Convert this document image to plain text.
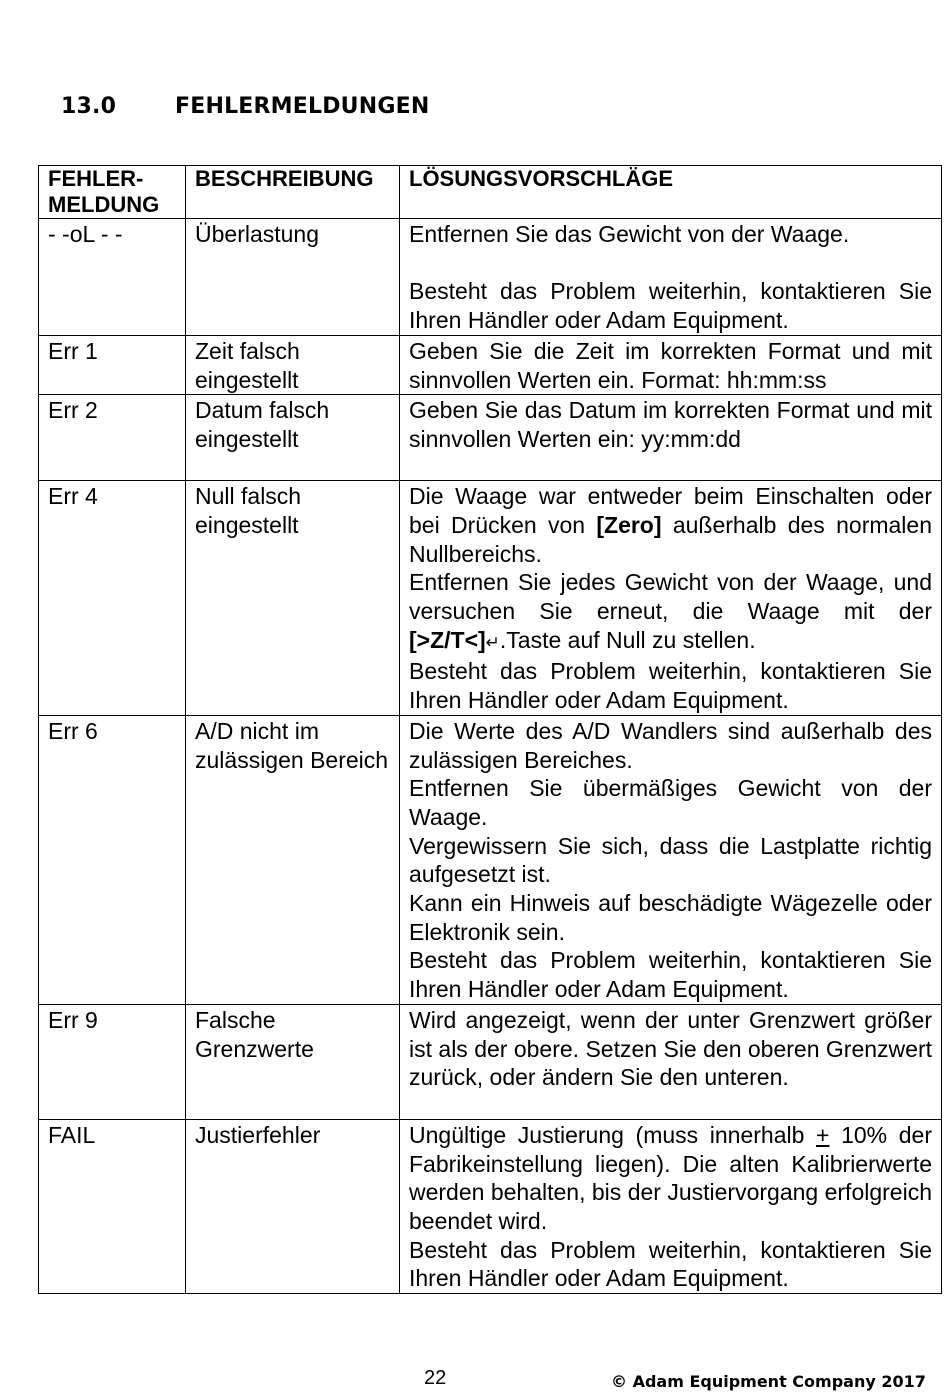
13.0	FEHLERMELDUNGEN
FEHLER-
MELDUNG	BESCHREIBUNG	LÖSUNGSVORSCHLÄGE
- -oL - -	Überlastung	Entfernen Sie das Gewicht von der Waage.
Besteht das Problem weiterhin, kontaktieren Sie Ihren Händler oder Adam Equipment.

Err 1	Zeit falsch eingestellt	Geben Sie die Zeit im korrekten Format und mit sinnvollen Werten ein. Format: hh:mm:ss

Err 2	Datum falsch eingestellt	Geben Sie das Datum im korrekten Format und mit sinnvollen Werten ein: yy:mm:dd

Err 4	Null falsch eingestellt	Die Waage war entweder beim Einschalten oder bei Drücken von [Zero] außerhalb des normalen Nullbereichs.
Entfernen Sie jedes Gewicht von der Waage, und versuchen Sie erneut, die Waage mit der [>Z/T<]↵.Taste auf Null zu stellen.
Besteht das Problem weiterhin, kontaktieren Sie Ihren Händler oder Adam Equipment.

Err 6	A/D nicht im zulässigen Bereich	Die Werte des A/D Wandlers sind außerhalb des zulässigen Bereiches.
Entfernen Sie übermäßiges Gewicht von der Waage.
Vergewissern Sie sich, dass die Lastplatte richtig aufgesetzt ist.
Kann ein Hinweis auf beschädigte Wägezelle oder Elektronik sein.
Besteht das Problem weiterhin, kontaktieren Sie Ihren Händler oder Adam Equipment.

Err 9	Falsche Grenzwerte	Wird angezeigt, wenn der unter Grenzwert größer ist als der obere. Setzen Sie den oberen Grenzwert zurück, oder ändern Sie den unteren.

FAIL	Justierfehler	Ungültige Justierung (muss innerhalb + 10% der Fabrikeinstellung liegen). Die alten Kalibrierwerte werden behalten, bis der Justiervorgang erfolgreich beendet wird.
Besteht das Problem weiterhin, kontaktieren Sie Ihren Händler oder Adam Equipment.
22	© Adam Equipment Company 2017
